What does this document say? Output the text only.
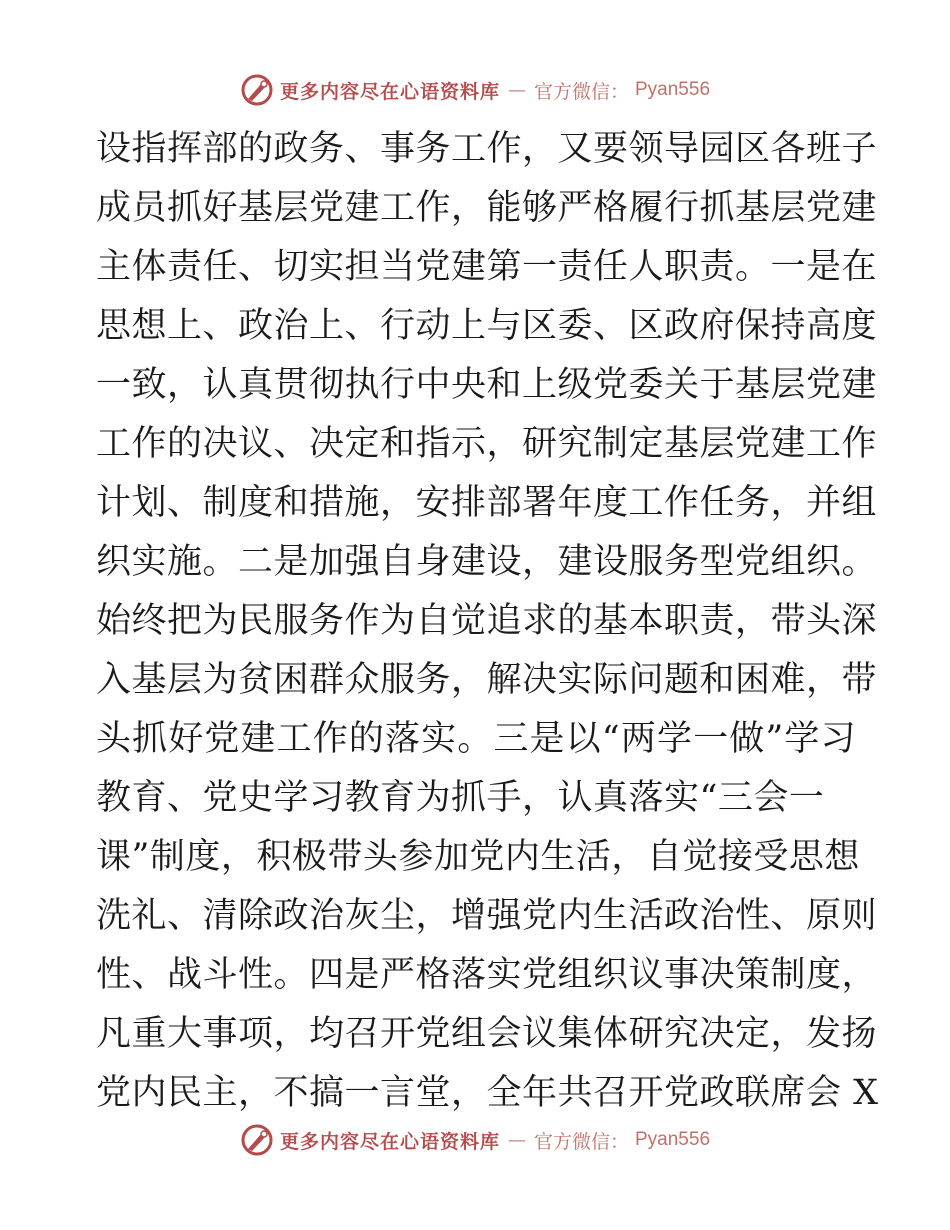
更多内容尽在心语资料库 — 官方微信： Pyan556
设指挥部的政务、事务工作，又要领导园区各班子
成员抓好基层党建工作，能够严格履行抓基层党建
主体责任、切实担当党建第一责任人职责。一是在
思想上、政治上、行动上与区委、区政府保持高度
一致，认真贯彻执行中央和上级党委关于基层党建
工作的决议、决定和指示，研究制定基层党建工作
计划、制度和措施，安排部署年度工作任务，并组
织实施。二是加强自身建设，建设服务型党组织。
始终把为民服务作为自觉追求的基本职责，带头深
入基层为贫困群众服务，解决实际问题和困难，带
头抓好党建工作的落实。三是以“两学一做”学习
教育、党史学习教育为抓手，认真落实“三会一
课”制度，积极带头参加党内生活，自觉接受思想
洗礼、清除政治灰尘，增强党内生活政治性、原则
性、战斗性。四是严格落实党组织议事决策制度，
凡重大事项，均召开党组会议集体研究决定，发扬
党内民主，不搞一言堂，全年共召开党政联席会 X
更多内容尽在心语资料库 — 官方微信： Pyan556
